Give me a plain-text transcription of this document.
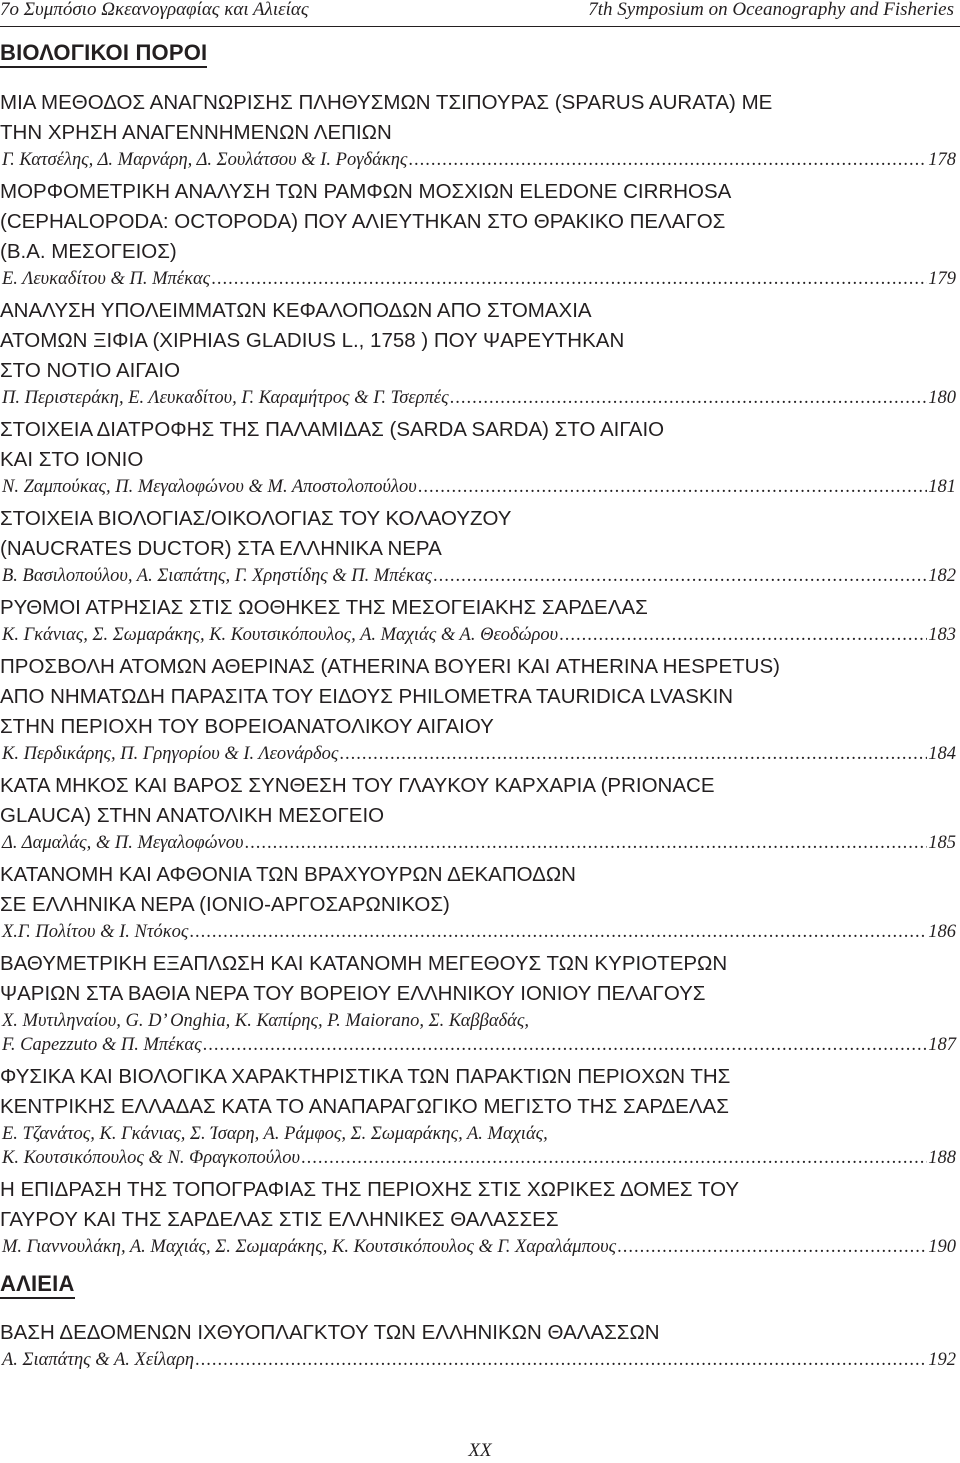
7ο Συμπόσιο Ωκεανογραφίας και Αλιείας	7th Symposium on Oceanography and Fisheries
ΒΙΟΛΟΓΙΚΟΙ ΠΟΡΟΙ
ΜΙΑ ΜΕΘΟΔΟΣ ΑΝΑΓΝΩΡΙΣΗΣ ΠΛΗΘΥΣΜΩΝ ΤΣΙΠΟΥΡΑΣ (SPARUS AURATA) ΜΕ
ΤΗΝ ΧΡΗΣΗ ΑΝΑΓΕΝΝΗΜΕΝΩΝ ΛΕΠΙΩΝ
Γ. Κατσέλης, Δ. Μαρνάρη, Δ. Σουλάτσου & Ι. Ρογδάκης .....	178
ΜΟΡΦΟΜΕΤΡΙΚΗ ΑΝΑΛΥΣΗ ΤΩΝ ΡΑΜΦΩΝ ΜΟΣΧΙΩΝ ELEDONE CIRRHOSA
(CEPHALOPODA: OCTOPODA) ΠΟΥ ΑΛΙΕΥΤΗΚΑΝ ΣΤΟ ΘΡΑΚΙΚΟ ΠΕΛΑΓΟΣ
(Β.Α. ΜΕΣΟΓΕΙΟΣ)
Ε. Λευκαδίτου & Π. Μπέκας .....	179
ΑΝΑΛΥΣΗ ΥΠΟΛΕΙΜΜΑΤΩΝ ΚΕΦΑΛΟΠΟΔΩΝ ΑΠΟ ΣΤΟΜΑΧΙΑ
ΑΤΟΜΩΝ ΞΙΦΙΑ (XIPHIAS GLADIUS L., 1758 ) ΠΟΥ ΨΑΡΕΥΤΗΚΑΝ
ΣΤΟ ΝΟΤΙΟ ΑΙΓΑΙΟ
Π. Περιστεράκη, Ε. Λευκαδίτου, Γ. Καραμήτρος & Γ. Τσερπές .....	180
ΣΤΟΙΧΕΙΑ ΔΙΑΤΡΟΦΗΣ ΤΗΣ ΠΑΛΑΜΙΔΑΣ (SARDA SARDA) ΣΤΟ ΑΙΓΑΙΟ
ΚΑΙ ΣΤΟ ΙΟΝΙΟ
Ν. Ζαμπούκας, Π. Μεγαλοφώνου & Μ. Αποστολοπούλου .....	181
ΣΤΟΙΧΕΙΑ ΒΙΟΛΟΓΙΑΣ/ΟΙΚΟΛΟΓΙΑΣ ΤΟΥ ΚΟΛΑΟΥΖΟΥ
(NAUCRATES DUCTOR) ΣΤΑ ΕΛΛΗΝΙΚΑ ΝΕΡΑ
Β. Βασιλοπούλου, Α. Σιαπάτης, Γ. Χρηστίδης & Π. Μπέκας .....	182
ΡΥΘΜΟΙ ΑΤΡΗΣΙΑΣ ΣΤΙΣ ΩΟΘΗΚΕΣ ΤΗΣ ΜΕΣΟΓΕΙΑΚΗΣ ΣΑΡΔΕΛΑΣ
Κ. Γκάνιας, Σ. Σωμαράκης, Κ. Κουτσικόπουλος, Α. Μαχιάς & Α. Θεοδώρου .....	183
ΠΡΟΣΒΟΛΗ ΑΤΟΜΩΝ ΑΘΕΡΙΝΑΣ (ATHERINA BOYERI ΚΑΙ ATHERINA HESPETUS)
ΑΠΟ ΝΗΜΑΤΩΔΗ ΠΑΡΑΣΙΤΑ ΤΟΥ ΕΙΔΟΥΣ PHILOMETRA TAURIDICA LVASKIN
ΣΤΗΝ ΠΕΡΙΟΧΗ ΤΟΥ ΒΟΡΕΙΟΑΝΑΤΟΛΙΚΟΥ ΑΙΓΑΙΟΥ
Κ. Περδικάρης, Π. Γρηγορίου & Ι. Λεονάρδος .....	184
ΚΑΤΑ ΜΗΚΟΣ ΚΑΙ ΒΑΡΟΣ ΣΥΝΘΕΣΗ ΤΟΥ ΓΛΑΥΚΟΥ ΚΑΡΧΑΡΙΑ (PRIONACE
GLAUCA) ΣΤΗΝ ΑΝΑΤΟΛΙΚΗ ΜΕΣΟΓΕΙΟ
Δ. Δαμαλάς, & Π. Μεγαλοφώνου .....	185
ΚΑΤΑΝΟΜΗ ΚΑΙ ΑΦΘΟΝΙΑ ΤΩΝ ΒΡΑΧΥΟΥΡΩΝ ΔΕΚΑΠΟΔΩΝ
ΣΕ ΕΛΛΗΝΙΚΑ ΝΕΡΑ (ΙΟΝΙΟ-ΑΡΓΟΣΑΡΩΝΙΚΟΣ)
Χ.Γ. Πολίτου & Ι. Ντόκος .....	186
ΒΑΘΥΜΕΤΡΙΚΗ ΕΞΑΠΛΩΣΗ ΚΑΙ ΚΑΤΑΝΟΜΗ ΜΕΓΕΘΟΥΣ ΤΩΝ ΚΥΡΙΟΤΕΡΩΝ
ΨΑΡΙΩΝ ΣΤΑ ΒΑΘΙΑ ΝΕΡΑ ΤΟΥ ΒΟΡΕΙΟΥ ΕΛΛΗΝΙΚΟΥ ΙΟΝΙΟΥ ΠΕΛΑΓΟΥΣ
Χ. Μυτιληναίου, G. D’ Onghia, Κ. Καπίρης, P. Maiorano, Σ. Καββαδάς,
F. Capezzuto & Π. Μπέκας .....	187
ΦΥΣΙΚΑ ΚΑΙ ΒΙΟΛΟΓΙΚΑ ΧΑΡΑΚΤΗΡΙΣΤΙΚΑ ΤΩΝ ΠΑΡΑΚΤΙΩΝ ΠΕΡΙΟΧΩΝ ΤΗΣ
ΚΕΝΤΡΙΚΗΣ ΕΛΛΑΔΑΣ ΚΑΤΑ ΤΟ ΑΝΑΠΑΡΑΓΩΓΙΚΟ ΜΕΓΙΣΤΟ ΤΗΣ ΣΑΡΔΕΛΑΣ
Ε. Τζανάτος, Κ. Γκάνιας, Σ. Ίσαρη, Α. Ράμφος, Σ. Σωμαράκης, Α. Μαχιάς,
Κ. Κουτσικόπουλος & Ν. Φραγκοπούλου .....	188
Η ΕΠΙΔΡΑΣΗ ΤΗΣ ΤΟΠΟΓΡΑΦΙΑΣ ΤΗΣ ΠΕΡΙΟΧΗΣ ΣΤΙΣ ΧΩΡΙΚΕΣ ΔΟΜΕΣ ΤΟΥ
ΓΑΥΡΟΥ ΚΑΙ ΤΗΣ ΣΑΡΔΕΛΑΣ ΣΤΙΣ ΕΛΛΗΝΙΚΕΣ ΘΑΛΑΣΣΕΣ
Μ. Γιαννουλάκη, Α. Μαχιάς, Σ. Σωμαράκης, Κ. Κουτσικόπουλος & Γ. Χαραλάμπους .....	190
ΑΛΙΕΙΑ
ΒΑΣΗ ΔΕΔΟΜΕΝΩΝ ΙΧΘΥΟΠΛΑΓΚΤΟΥ ΤΩΝ ΕΛΛΗΝΙΚΩΝ ΘΑΛΑΣΣΩΝ
Α. Σιαπάτης & Α. Χείλαρη .....	192
XX
